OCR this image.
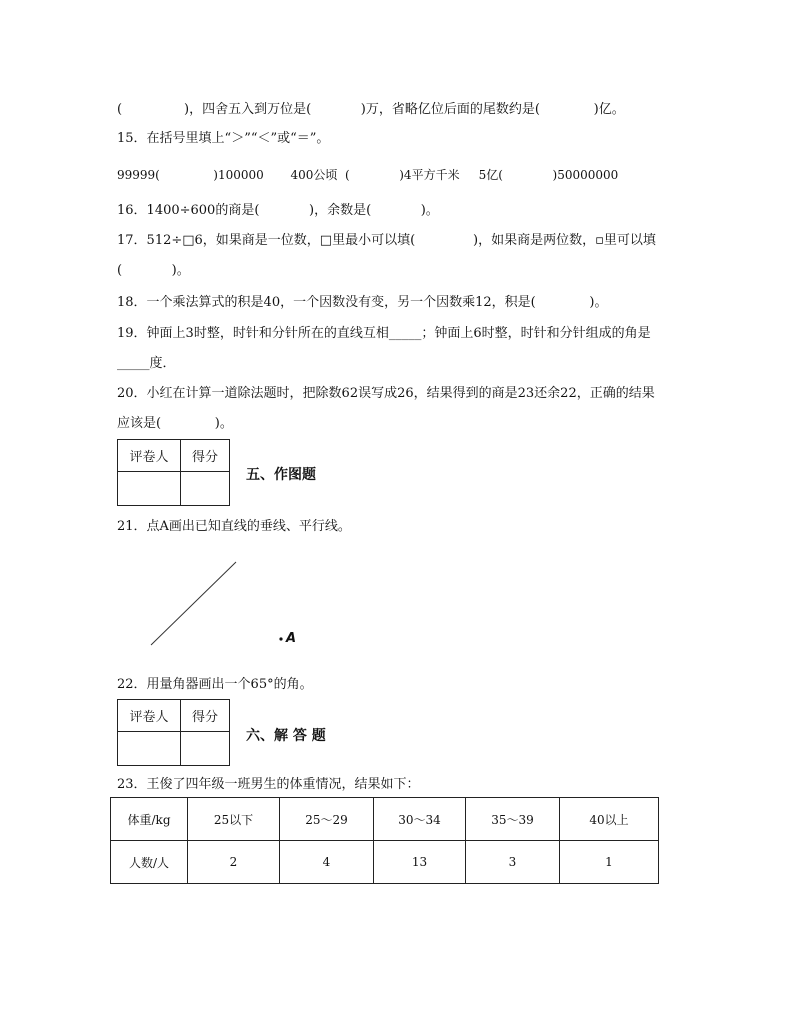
(               )，四舍五入到万位是(            )万，省略亿位后面的尾数约是(             )亿。
15．在括号里填上“＞”“＜”或“＝”。
99999(              )100000       400公顷  (             )4平方千米     5亿(             )50000000
16．1400÷600的商是(            )，余数是(            )。
17．512÷□6，如果商是一位数，□里最小可以填(              )，如果商是两位数，▫里可以填
(            )。
18．一个乘法算式的积是40，一个因数没有变，另一个因数乘12，积是(             )。
19．钟面上3时整，时针和分针所在的直线互相_____；钟面上6时整，时针和分针组成的角是
_____度．
20．小红在计算一道除法题时，把除数62误写成26，结果得到的商是23还余22，正确的结果
应该是(             )。
评卷人	得分

五、作图题
21．点A画出已知直线的垂线、平行线。
A
22．用量角器画出一个65°的角。
评卷人	得分

六、解 答 题
23．王俊了四年级一班男生的体重情况，结果如下：
体重/kg	25以下	25～29	30～34	35～39	40以上
人数/人	2	4	13	3	1
